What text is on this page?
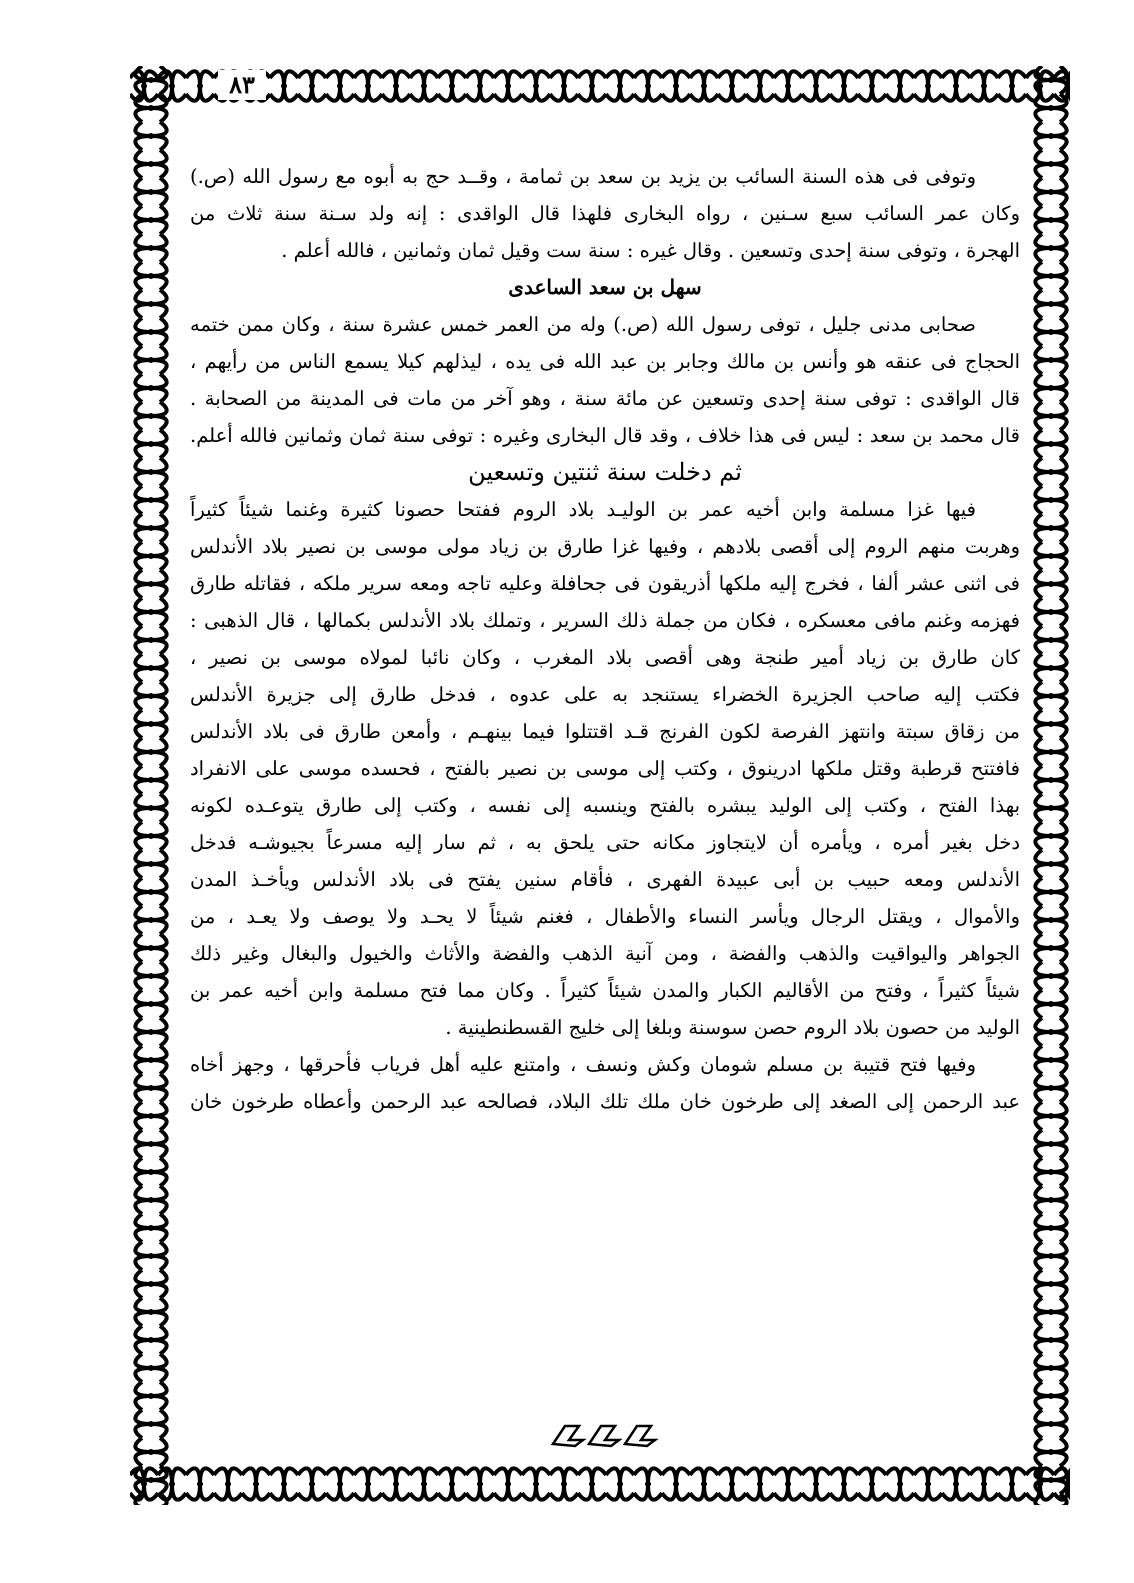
٨٣
وتوفى فى هذه السنة السائب بن يزيد بن سعد بن ثمامة ، وقــد حج به أبوه مع رسول الله (ص.)
وكان عمر السائب سبع سـنين ، رواه البخارى فلهذا قال الواقدى : إنه ولد سـنة سنة ثلاث من
الهجرة ، وتوفى سنة إحدى وتسعين . وقال غيره : سنة ست وقيل ثمان وثمانين ، فالله أعلم .
سهل بن سعد الساعدى
صحابى مدنى جليل ، توفى رسول الله (ص.) وله من العمر خمس عشرة سنة ، وكان ممن ختمه
الحجاج فى عنقه هو وأنس بن مالك وجابر بن عبد الله فى يده ، ليذلهم كيلا يسمع الناس من رأيهم ،
قال الواقدى : توفى سنة إحدى وتسعين عن مائة سنة ، وهو آخر من مات فى المدينة من الصحابة .
قال محمد بن سعد : ليس فى هذا خلاف ، وقد قال البخارى وغيره : توفى سنة ثمان وثمانين فالله أعلم.
ثم دخلت سنة ثنتين وتسعين
فيها غزا مسلمة وابن أخيه عمر بن الوليـد بلاد الروم ففتحا حصونا كثيرة وغنما شيئاً كثيراً
وهربت منهم الروم إلى أقصى بلادهم ، وفيها غزا طارق بن زياد مولى موسى بن نصير بلاد الأندلس
فى اثنى عشر ألفا ، فخرج إليه ملكها أذريقون فى جحافلة وعليه تاجه ومعه سرير ملكه ، فقاتله طارق
فهزمه وغنم مافى معسكره ، فكان من جملة ذلك السرير ، وتملك بلاد الأندلس بكمالها ، قال الذهبى :
كان طارق بن زياد أمير طنجة وهى أقصى بلاد المغرب ، وكان نائبا لمولاه موسى بن نصير ،
فكتب إليه صاحب الجزيرة الخضراء يستنجد به على عدوه ، فدخل طارق إلى جزيرة الأندلس
من زقاق سبتة وانتهز الفرصة لكون الفرنج قـد اقتتلوا فيما بينهـم ، وأمعن طارق فى بلاد الأندلس
فافتتح قرطبة وقتل ملكها ادرينوق ، وكتب إلى موسى بن نصير بالفتح ، فحسده موسى على الانفراد
بهذا الفتح ، وكتب إلى الوليد يبشره بالفتح وينسبه إلى نفسه ، وكتب إلى طارق يتوعـده لكونه
دخل بغير أمره ، ويأمره أن لايتجاوز مكانه حتى يلحق به ، ثم سار إليه مسرعاً بجيوشـه فدخل
الأندلس ومعه حبيب بن أبى عبيدة الفهرى ، فأقام سنين يفتح فى بلاد الأندلس ويأخـذ المدن
والأموال ، ويقتل الرجال ويأسر النساء والأطفال ، فغنم شيئاً لا يحـد ولا يوصف ولا يعـد ، من
الجواهر واليواقيت والذهب والفضة ، ومن آنية الذهب والفضة والأثاث والخيول والبغال وغير ذلك
شيئاً كثيراً ، وفتح من الأقاليم الكبار والمدن شيئاً كثيراً . وكان مما فتح مسلمة وابن أخيه عمر بن
الوليد من حصون بلاد الروم حصن سوسنة وبلغا إلى خليج القسطنطينية .
وفيها فتح قتيبة بن مسلم شومان وكش ونسف ، وامتنع عليه أهل فرياب فأحرقها ، وجهز أخاه
عبد الرحمن إلى الصغد إلى طرخون خان ملك تلك البلاد، فصالحه عبد الرحمن وأعطاه طرخون خان
